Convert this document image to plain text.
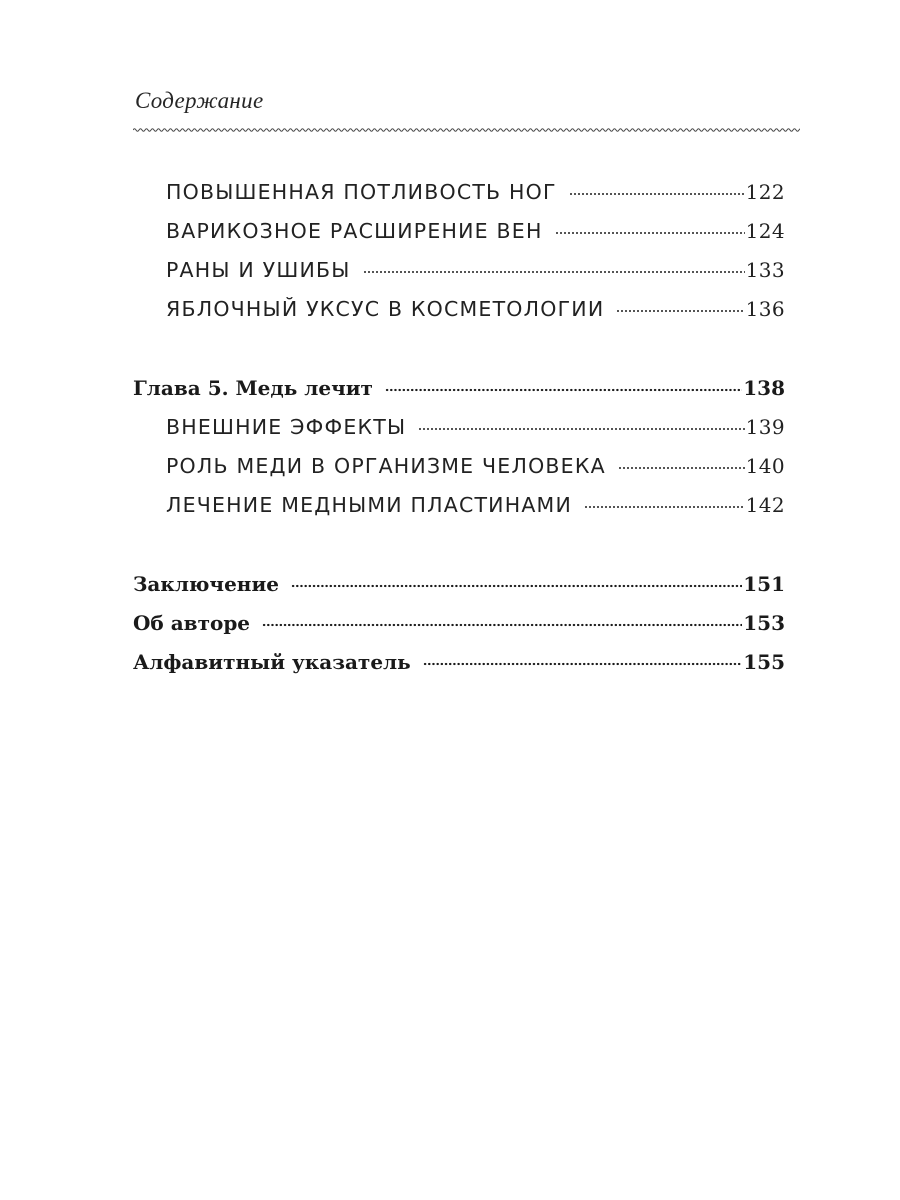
Содержание
ПОВЫШЕННАЯ ПОТЛИВОСТЬ НОГ	122
ВАРИКОЗНОЕ РАСШИРЕНИЕ ВЕН	124
РАНЫ И УШИБЫ	133
ЯБЛОЧНЫЙ УКСУС В КОСМЕТОЛОГИИ	136
Глава 5. Медь лечит	138
ВНЕШНИЕ ЭФФЕКТЫ	139
РОЛЬ МЕДИ В ОРГАНИЗМЕ ЧЕЛОВЕКА	140
ЛЕЧЕНИЕ МЕДНЫМИ ПЛАСТИНАМИ	142
Заключение	151
Об авторе	153
Алфавитный указатель	155
